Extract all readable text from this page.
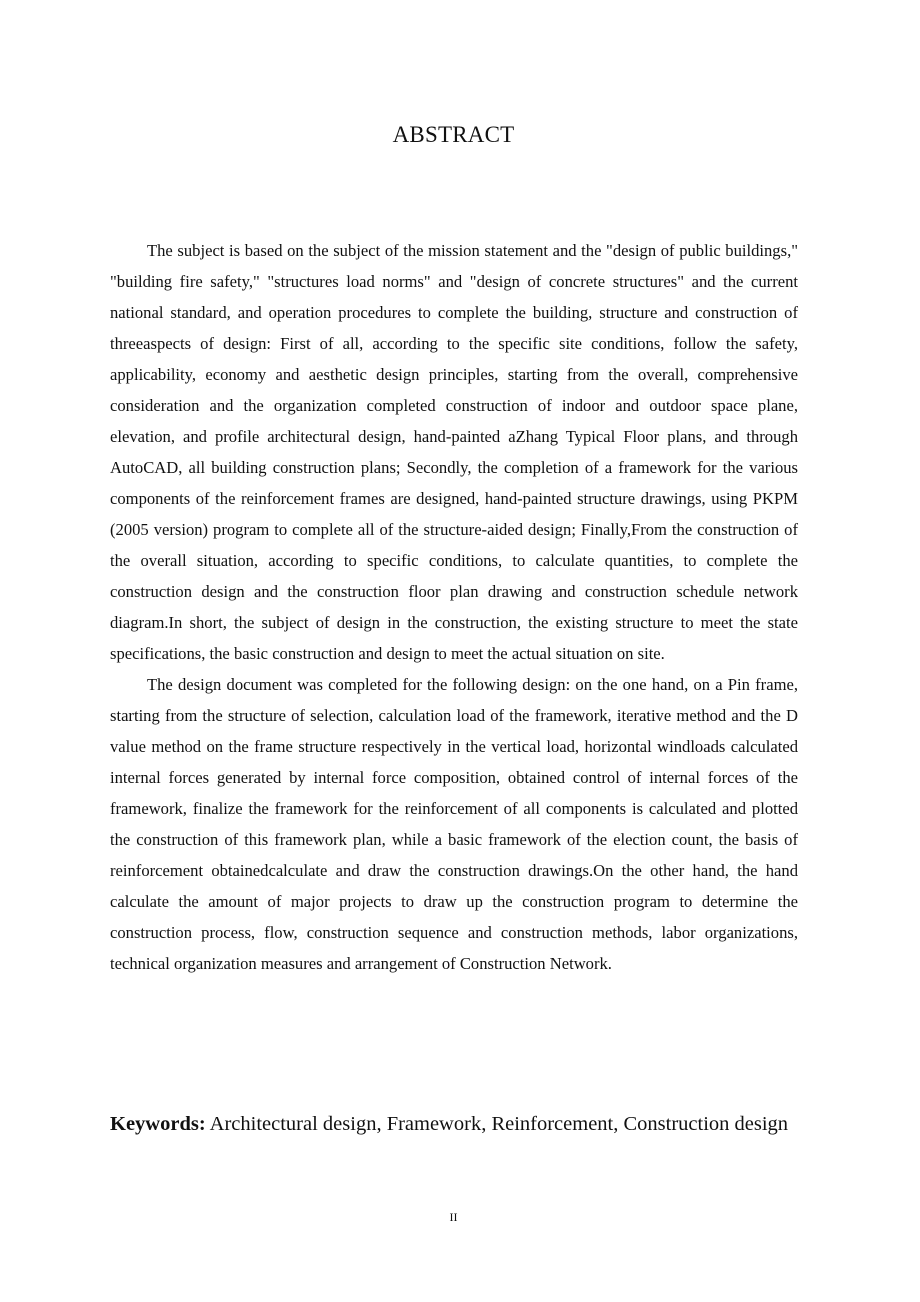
ABSTRACT

The subject is based on the subject of the mission statement and the "design of public buildings," "building fire safety," "structures load norms" and "design of concrete structures" and the current national standard, and operation procedures to complete the building, structure and construction of threeaspects of design: First of all, according to the specific site conditions, follow the safety, applicability, economy and aesthetic design principles, starting from the overall, comprehensive consideration and the organization completed construction of indoor and outdoor space plane, elevation, and profile architectural design, hand-painted aZhang Typical Floor plans, and through AutoCAD, all building construction plans; Secondly, the completion of a framework for the various components of the reinforcement frames are designed, hand-painted structure drawings, using PKPM (2005 version) program to complete all of the structure-aided design; Finally,From the construction of the overall situation, according to specific conditions, to calculate quantities, to complete the construction design and the construction floor plan drawing and construction schedule network diagram.In short, the subject of design in the construction, the existing structure to meet the state specifications, the basic construction and design to meet the actual situation on site.

The design document was completed for the following design: on the one hand, on a Pin frame, starting from the structure of selection, calculation load of the framework, iterative method and the D value method on the frame structure respectively in the vertical load, horizontal windloads calculated internal forces generated by internal force composition, obtained control of internal forces of the framework, finalize the framework for the reinforcement of all components is calculated and plotted the construction of this framework plan, while a basic framework of the election count, the basis of reinforcement obtainedcalculate and draw the construction drawings.On the other hand, the hand calculate the amount of major projects to draw up the construction program to determine the construction process, flow, construction sequence and construction methods, labor organizations, technical organization measures and arrangement of Construction Network.

Keywords: Architectural design, Framework, Reinforcement, Construction design
II
